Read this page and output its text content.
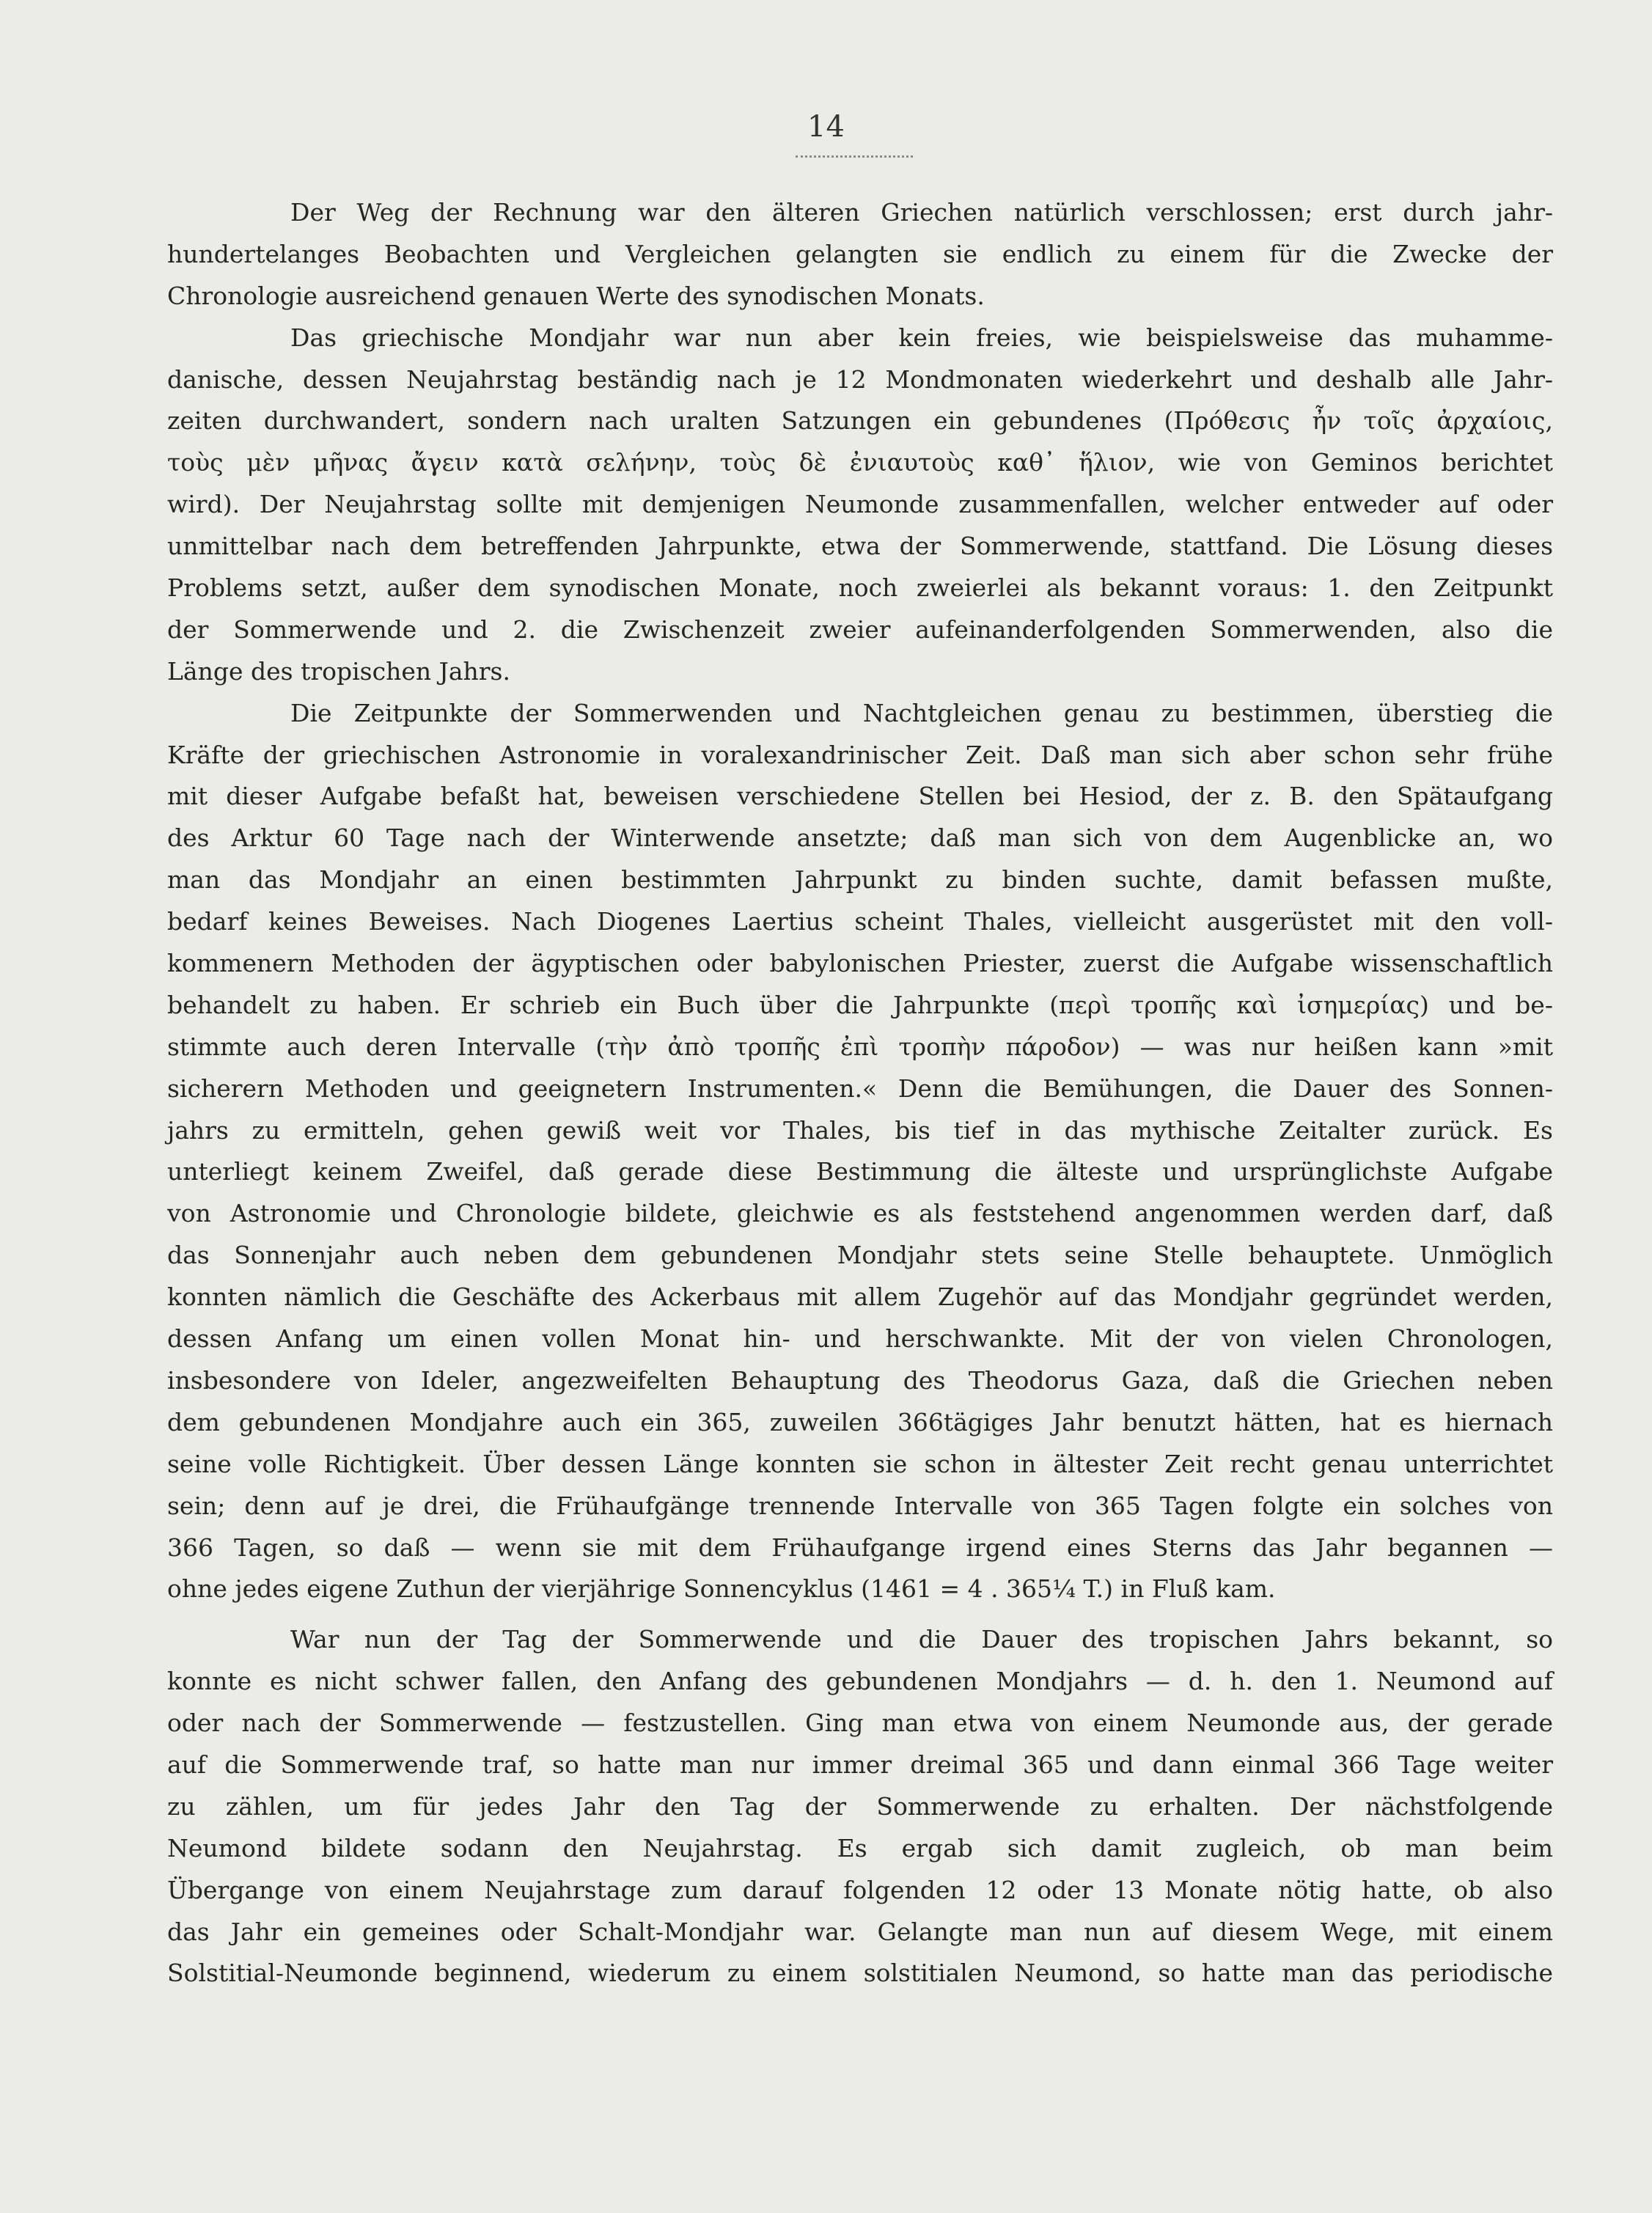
14
Der Weg der Rechnung war den älteren Griechen natürlich verschlossen; erst durch jahr-
hundertelanges Beobachten und Vergleichen gelangten sie endlich zu einem für die Zwecke der
Chronologie ausreichend genauen Werte des synodischen Monats.
Das griechische Mondjahr war nun aber kein freies, wie beispielsweise das muhamme-
danische, dessen Neujahrstag beständig nach je 12 Mondmonaten wiederkehrt und deshalb alle Jahr-
zeiten durchwandert, sondern nach uralten Satzungen ein gebundenes (Πρόθεσις ἦν τοῖς ἀρχαίοις,
τοὺς μὲν μῆνας ἄγειν κατὰ σελήνην, τοὺς δὲ ἐνιαυτοὺς καθ᾿ ἥλιον, wie von Geminos berichtet
wird). Der Neujahrstag sollte mit demjenigen Neumonde zusammenfallen, welcher entweder auf oder
unmittelbar nach dem betreffenden Jahrpunkte, etwa der Sommerwende, stattfand. Die Lösung dieses
Problems setzt, außer dem synodischen Monate, noch zweierlei als bekannt voraus: 1. den Zeitpunkt
der Sommerwende und 2. die Zwischenzeit zweier aufeinanderfolgenden Sommerwenden, also die
Länge des tropischen Jahrs.
Die Zeitpunkte der Sommerwenden und Nachtgleichen genau zu bestimmen, überstieg die
Kräfte der griechischen Astronomie in voralexandrinischer Zeit. Daß man sich aber schon sehr frühe
mit dieser Aufgabe befaßt hat, beweisen verschiedene Stellen bei Hesiod, der z. B. den Spätaufgang
des Arktur 60 Tage nach der Winterwende ansetzte; daß man sich von dem Augenblicke an, wo
man das Mondjahr an einen bestimmten Jahrpunkt zu binden suchte, damit befassen mußte,
bedarf keines Beweises. Nach Diogenes Laertius scheint Thales, vielleicht ausgerüstet mit den voll-
kommenern Methoden der ägyptischen oder babylonischen Priester, zuerst die Aufgabe wissenschaftlich
behandelt zu haben. Er schrieb ein Buch über die Jahrpunkte (περὶ τροπῆς καὶ ἰσημερίας) und be-
stimmte auch deren Intervalle (τὴν ἀπὸ τροπῆς ἐπὶ τροπὴν πάροδον) — was nur heißen kann »mit
sicherern Methoden und geeignetern Instrumenten.« Denn die Bemühungen, die Dauer des Sonnen-
jahrs zu ermitteln, gehen gewiß weit vor Thales, bis tief in das mythische Zeitalter zurück. Es
unterliegt keinem Zweifel, daß gerade diese Bestimmung die älteste und ursprünglichste Aufgabe
von Astronomie und Chronologie bildete, gleichwie es als feststehend angenommen werden darf, daß
das Sonnenjahr auch neben dem gebundenen Mondjahr stets seine Stelle behauptete. Unmöglich
konnten nämlich die Geschäfte des Ackerbaus mit allem Zugehör auf das Mondjahr gegründet werden,
dessen Anfang um einen vollen Monat hin- und herschwankte. Mit der von vielen Chronologen,
insbesondere von Ideler, angezweifelten Behauptung des Theodorus Gaza, daß die Griechen neben
dem gebundenen Mondjahre auch ein 365, zuweilen 366tägiges Jahr benutzt hätten, hat es hiernach
seine volle Richtigkeit. Über dessen Länge konnten sie schon in ältester Zeit recht genau unterrichtet
sein; denn auf je drei, die Frühaufgänge trennende Intervalle von 365 Tagen folgte ein solches von
366 Tagen, so daß — wenn sie mit dem Frühaufgange irgend eines Sterns das Jahr begannen —
ohne jedes eigene Zuthun der vierjährige Sonnencyklus (1461 = 4 . 365¼ T.) in Fluß kam.
War nun der Tag der Sommerwende und die Dauer des tropischen Jahrs bekannt, so
konnte es nicht schwer fallen, den Anfang des gebundenen Mondjahrs — d. h. den 1. Neumond auf
oder nach der Sommerwende — festzustellen. Ging man etwa von einem Neumonde aus, der gerade
auf die Sommerwende traf, so hatte man nur immer dreimal 365 und dann einmal 366 Tage weiter
zu zählen, um für jedes Jahr den Tag der Sommerwende zu erhalten. Der nächstfolgende
Neumond bildete sodann den Neujahrstag. Es ergab sich damit zugleich, ob man beim
Übergange von einem Neujahrstage zum darauf folgenden 12 oder 13 Monate nötig hatte, ob also
das Jahr ein gemeines oder Schalt-Mondjahr war. Gelangte man nun auf diesem Wege, mit einem
Solstitial-Neumonde beginnend, wiederum zu einem solstitialen Neumond, so hatte man das periodische
